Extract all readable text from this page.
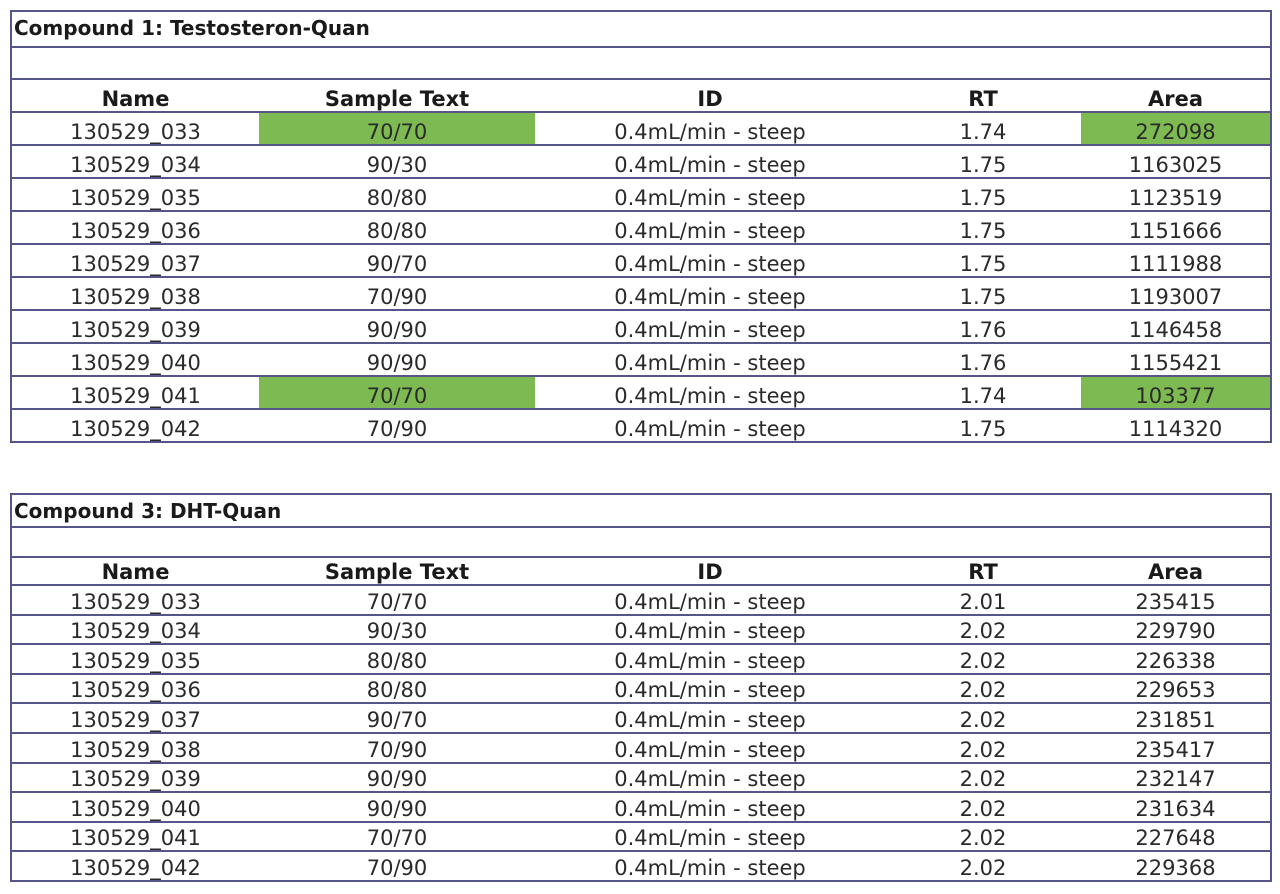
Compound 1: Testosteron-Quan				

Name	Sample Text	ID	RT	Area
130529_033	70/70	0.4mL/min - steep	1.74	272098
130529_034	90/30	0.4mL/min - steep	1.75	1163025
130529_035	80/80	0.4mL/min - steep	1.75	1123519
130529_036	80/80	0.4mL/min - steep	1.75	1151666
130529_037	90/70	0.4mL/min - steep	1.75	1111988
130529_038	70/90	0.4mL/min - steep	1.75	1193007
130529_039	90/90	0.4mL/min - steep	1.76	1146458
130529_040	90/90	0.4mL/min - steep	1.76	1155421
130529_041	70/70	0.4mL/min - steep	1.74	103377
130529_042	70/90	0.4mL/min - steep	1.75	1114320
Compound 3: DHT-Quan				

Name	Sample Text	ID	RT	Area
130529_033	70/70	0.4mL/min - steep	2.01	235415
130529_034	90/30	0.4mL/min - steep	2.02	229790
130529_035	80/80	0.4mL/min - steep	2.02	226338
130529_036	80/80	0.4mL/min - steep	2.02	229653
130529_037	90/70	0.4mL/min - steep	2.02	231851
130529_038	70/90	0.4mL/min - steep	2.02	235417
130529_039	90/90	0.4mL/min - steep	2.02	232147
130529_040	90/90	0.4mL/min - steep	2.02	231634
130529_041	70/70	0.4mL/min - steep	2.02	227648
130529_042	70/90	0.4mL/min - steep	2.02	229368
